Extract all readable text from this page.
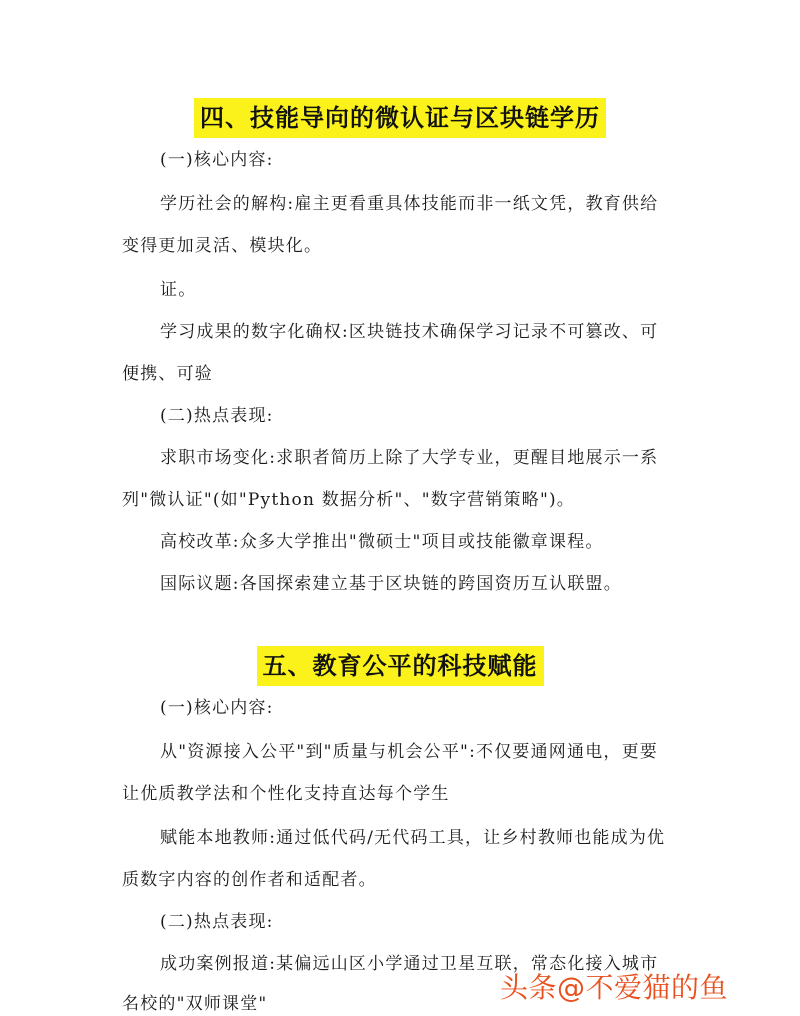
四、技能导向的微认证与区块链学历
(一)核心内容:
学历社会的解构:雇主更看重具体技能而非一纸文凭，教育供给
变得更加灵活、模块化。
证。
学习成果的数字化确权:区块链技术确保学习记录不可篡改、可
便携、可验
(二)热点表现:
求职市场变化:求职者简历上除了大学专业，更醒目地展示一系
列"微认证"(如"Python 数据分析"、"数字营销策略")。
高校改革:众多大学推出"微硕士"项目或技能徽章课程。
国际议题:各国探索建立基于区块链的跨国资历互认联盟。
五、教育公平的科技赋能
(一)核心内容:
从"资源接入公平"到"质量与机会公平":不仅要通网通电，更要
让优质教学法和个性化支持直达每个学生
赋能本地教师:通过低代码/无代码工具，让乡村教师也能成为优
质数字内容的创作者和适配者。
(二)热点表现:
成功案例报道:某偏远山区小学通过卫星互联，常态化接入城市
名校的"双师课堂"	头条@不爱猫的鱼
